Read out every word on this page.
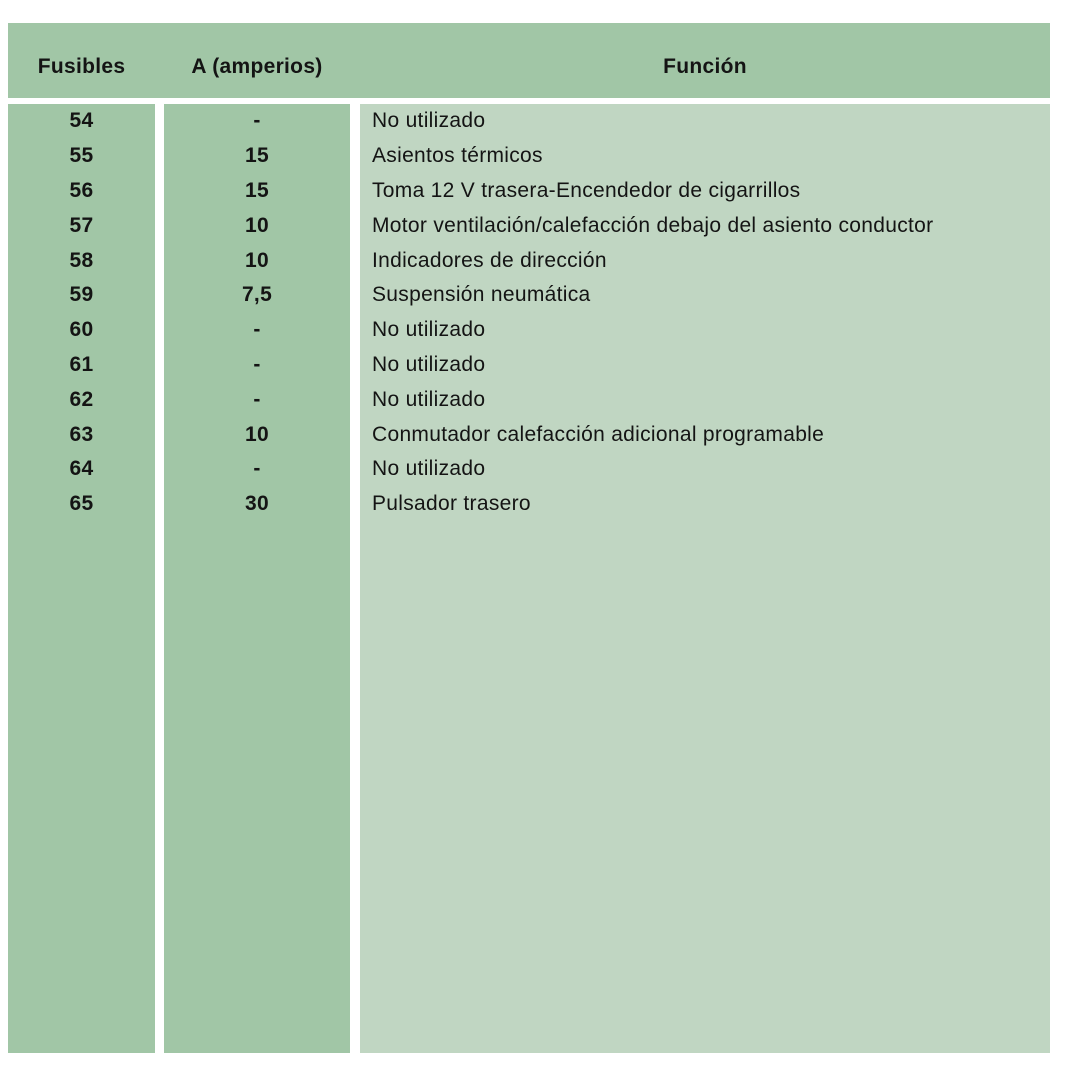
Fusibles	A (amperios)	Función
54
55
56
57
58
59
60
61
62
63
64
65
-
15
15
10
10
7,5
-
-
-
10
-
30
No utilizado
Asientos térmicos
Toma 12 V trasera-Encendedor de cigarrillos
Motor ventilación/calefacción debajo del asiento conductor
Indicadores de dirección
Suspensión neumática
No utilizado
No utilizado
No utilizado
Conmutador calefacción adicional programable
No utilizado
Pulsador trasero
